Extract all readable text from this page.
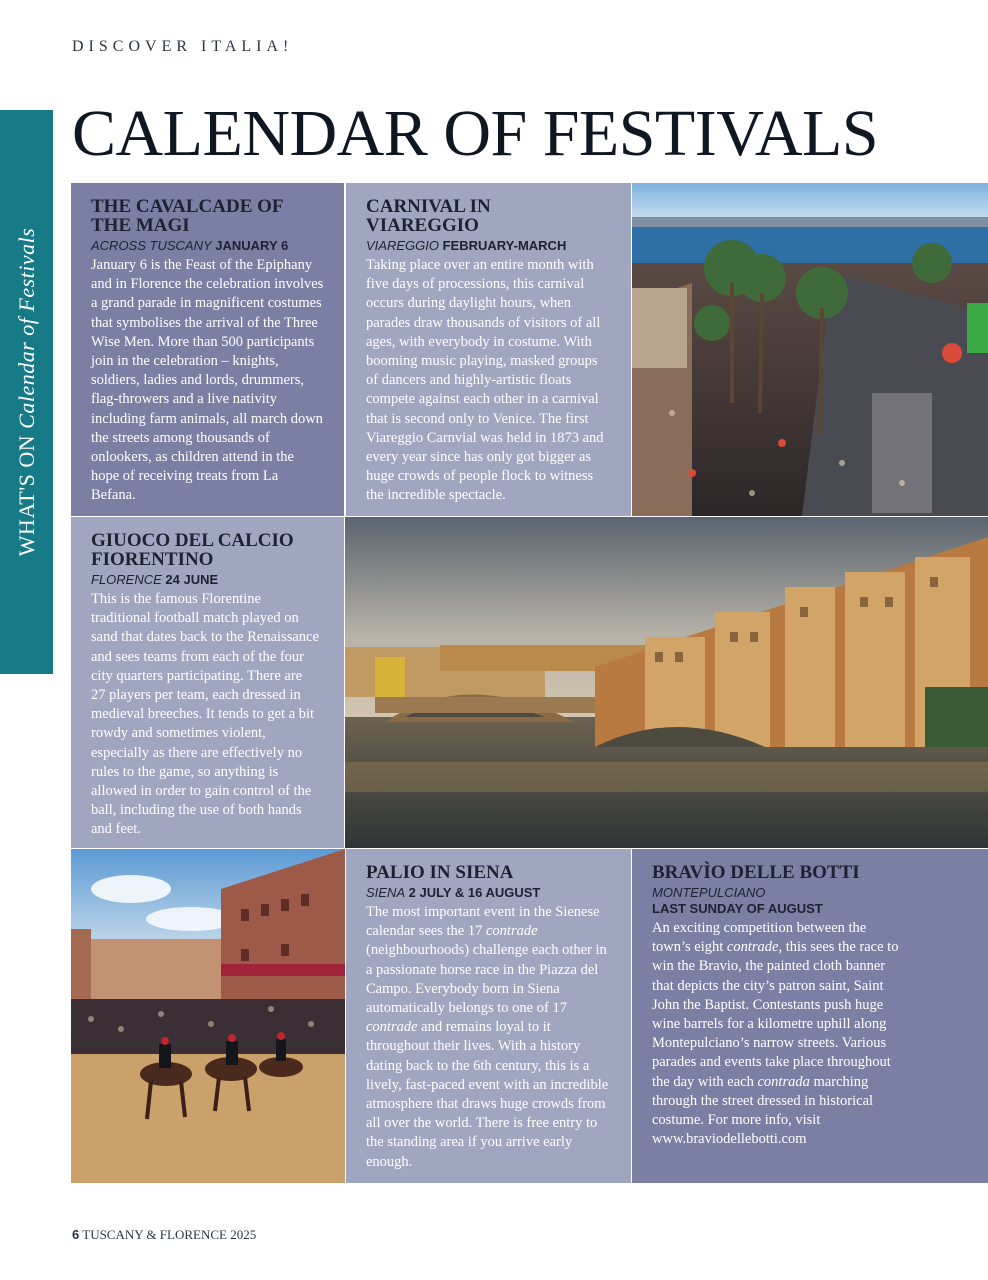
DISCOVER ITALIA!
WHAT'S ON Calendar of Festivals
CALENDAR OF FESTIVALS
THE CAVALCADE OF THE MAGI
ACROSS TUSCANY JANUARY 6

January 6 is the Feast of the Epiphany and in Florence the celebration involves a grand parade in magnificent costumes that symbolises the arrival of the Three Wise Men. More than 500 participants join in the celebration – knights, soldiers, ladies and lords, drummers, flag-throwers and a live nativity including farm animals, all march down the streets among thousands of onlookers, as children attend in the hope of receiving treats from La Befana.

CARNIVAL IN VIAREGGIO
VIAREGGIO FEBRUARY-MARCH

Taking place over an entire month with five days of processions, this carnival occurs during daylight hours, when parades draw thousands of visitors of all ages, with everybody in costume. With booming music playing, masked groups of dancers and highly-artistic floats compete against each other in a carnival that is second only to Venice. The first Viareggio Carnvial was held in 1873 and every year since has only got bigger as huge crowds of people flock to witness the incredible spectacle.

GIUOCO DEL CALCIO FIORENTINO
FLORENCE 24 JUNE

This is the famous Florentine traditional football match played on sand that dates back to the Renaissance and sees teams from each of the four city quarters participating. There are 27 players per team, each dressed in medieval breeches. It tends to get a bit rowdy and sometimes violent, especially as there are effectively no rules to the game, so anything is allowed in order to gain control of the ball, including the use of both hands and feet.

PALIO IN SIENA
SIENA 2 JULY & 16 AUGUST

The most important event in the Sienese calendar sees the 17 contrade (neighbourhoods) challenge each other in a passionate horse race in the Piazza del Campo. Everybody born in Siena automatically belongs to one of 17 contrade and remains loyal to it throughout their lives. With a history dating back to the 6th century, this is a lively, fast-paced event with an incredible atmosphere that draws huge crowds from all over the world. There is free entry to the standing area if you arrive early enough.

BRAVÌO DELLE BOTTI
MONTEPULCIANO
LAST SUNDAY OF AUGUST

An exciting competition between the town’s eight contrade, this sees the race to win the Bravio, the painted cloth banner that depicts the city’s patron saint, Saint John the Baptist. Contestants push huge wine barrels for a kilometre uphill along Montepulciano’s narrow streets. Various parades and events take place throughout the day with each contrada marching through the street dressed in historical costume. For more info, visit www.braviodellebotti.com

6 TUSCANY & FLORENCE 2025
